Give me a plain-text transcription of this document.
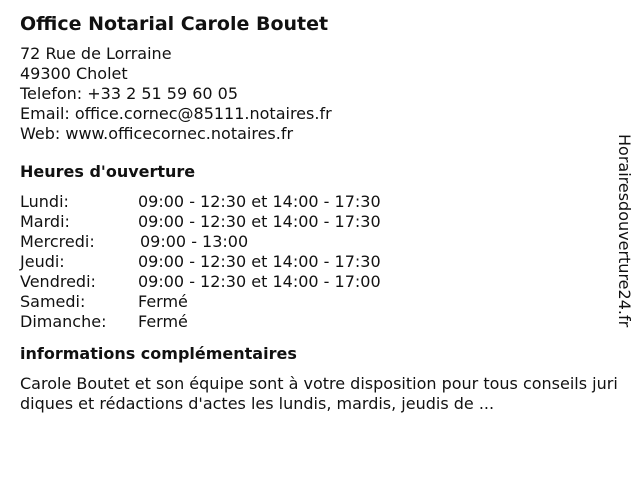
Office Notarial Carole Boutet
72 Rue de Lorraine
49300 Cholet
Telefon: +33 2 51 59 60 05
Email: office.cornec@85111.notaires.fr
Web: www.officecornec.notaires.fr
Heures d'ouverture
Lundi:	09:00 - 12:30 et 14:00 - 17:30
Mardi:	09:00 - 12:30 et 14:00 - 17:30
Mercredi:	09:00 - 13:00
Jeudi:	09:00 - 12:30 et 14:00 - 17:30
Vendredi:	09:00 - 12:30 et 14:00 - 17:00
Samedi:	Fermé
Dimanche: Fermé
informations complémentaires
Carole Boutet et son équipe sont à votre disposition pour tous conseils juridiques et rédactions d'actes les lundis, mardis, jeudis de ...
Horairesdouverture24.fr
